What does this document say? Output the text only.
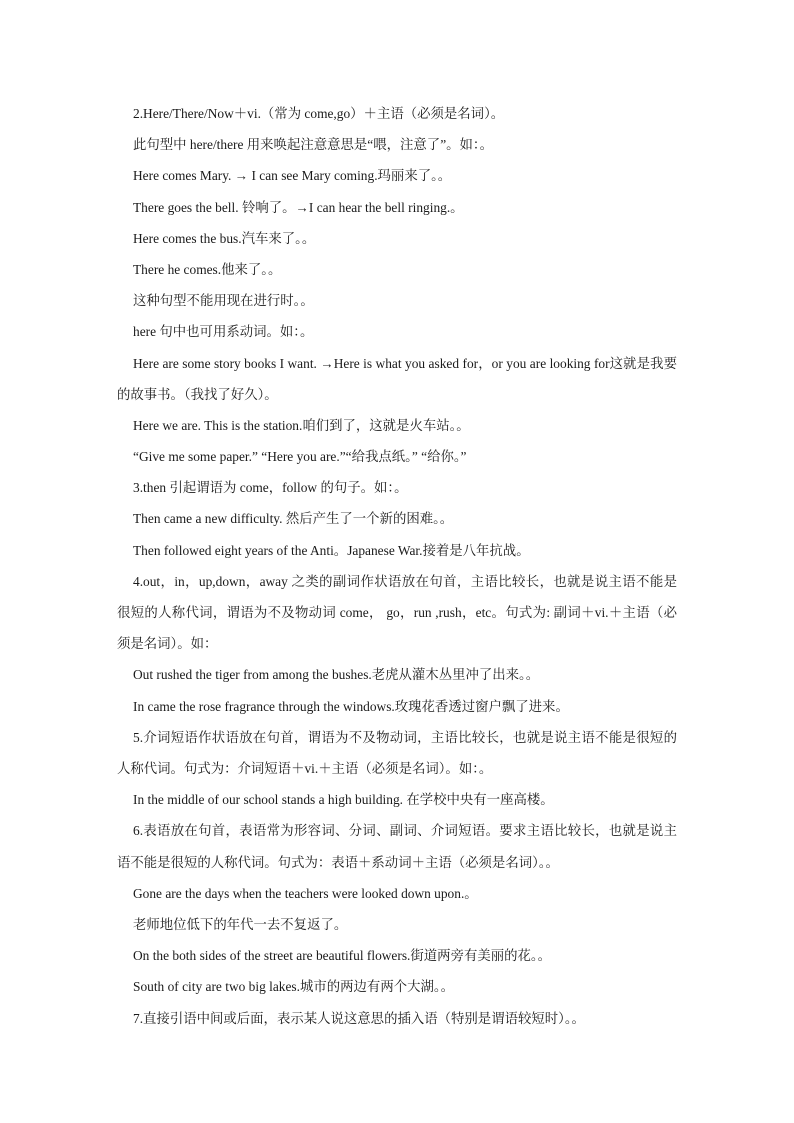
2.Here/There/Now＋vi.（常为 come,go）＋主语（必须是名词）。
此句型中 here/there 用来唤起注意意思是“喂，注意了”。如：。
Here comes Mary. → I can see Mary coming.玛丽来了。。
There goes the bell. 铃响了。→I can hear the bell ringing.。
Here comes the bus.汽车来了。。
There he comes.他来了。。
这种句型不能用现在进行时。。
here 句中也可用系动词。如：。
Here are some story books I want. →Here is what you asked for，or you are looking for这就是我要的故事书。（我找了好久）。
Here we are. This is the station.咱们到了，这就是火车站。。
“Give me some paper.” “Here you are.”“给我点纸。” “给你。”
3.then 引起谓语为 come，follow 的句子。如：。
Then came a new difficulty. 然后产生了一个新的困难。。
Then followed eight years of the Anti。Japanese War.接着是八年抗战。
4.out，in，up,down，away 之类的副词作状语放在句首，主语比较长，也就是说主语不能是很短的人称代词，谓语为不及物动词 come， go，run ,rush，etc。句式为: 副词＋vi.＋主语（必须是名词）。如：
Out rushed the tiger from among the bushes.老虎从灌木丛里冲了出来。。
In came the rose fragrance through the windows.玫瑰花香透过窗户飘了进来。
5.介词短语作状语放在句首，谓语为不及物动词，主语比较长，也就是说主语不能是很短的人称代词。句式为：介词短语＋vi.＋主语（必须是名词）。如：。
In the middle of our school stands a high building. 在学校中央有一座高楼。
6.表语放在句首，表语常为形容词、分词、副词、介词短语。要求主语比较长，也就是说主语不能是很短的人称代词。句式为：表语＋系动词＋主语（必须是名词）。。
Gone are the days when the teachers were looked down upon.。
老师地位低下的年代一去不复返了。
On the both sides of the street are beautiful flowers.街道两旁有美丽的花。。
South of city are two big lakes.城市的两边有两个大湖。。
7.直接引语中间或后面，表示某人说这意思的插入语（特别是谓语较短时）。。
